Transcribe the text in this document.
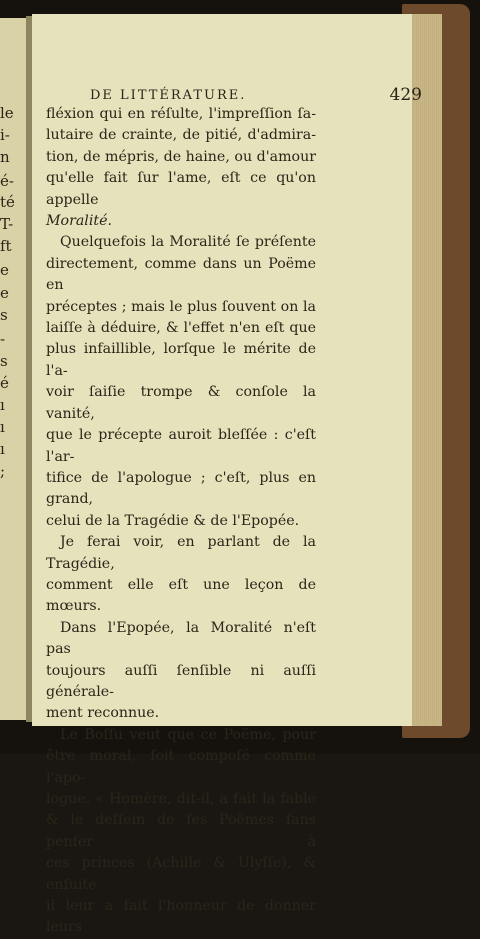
le
i-
n
é-
té
T-
ft
e
e
s
-
s
é
ı
ı
ı
;
DE LITTÉRATURE.	429

fléxion qui en réſulte, l'impreſſion ſa-

lutaire de crainte, de pitié, d'admira-

tion, de mépris, de haine, ou d'amour

qu'elle fait ſur l'ame, eſt ce qu'on appelle

Moralité.

Quelquefois la Moralité ſe préſente

directement, comme dans un Poëme en

préceptes ; mais le plus ſouvent on la

laiſſe à déduire, & l'effet n'en eſt que

plus infaillible, lorſque le mérite de l'a-

voir ſaiſie trompe & conſole la vanité,

que le précepte auroit bleſſée : c'eſt l'ar-

tifice de l'apologue ; c'eſt, plus en grand,

celui de la Tragédie & de l'Epopée.

Je ferai voir, en parlant de la Tragédie,

comment elle eſt une leçon de mœurs.

Dans l'Epopée, la Moralité n'eſt pas

toujours auſſi ſenſible ni auſſi générale-

ment reconnue.

Le Boſſu veut que ce Poëme, pour

être moral, ſoit compoſé comme l'apo-

logue. « Homère, dit-il, a fait la fable

& le deſſein de ſes Poëmes ſans penſer à

ces princes (Achille & Ulyſſe), & enſuite

il leur a fait l'honneur de donner leurs
